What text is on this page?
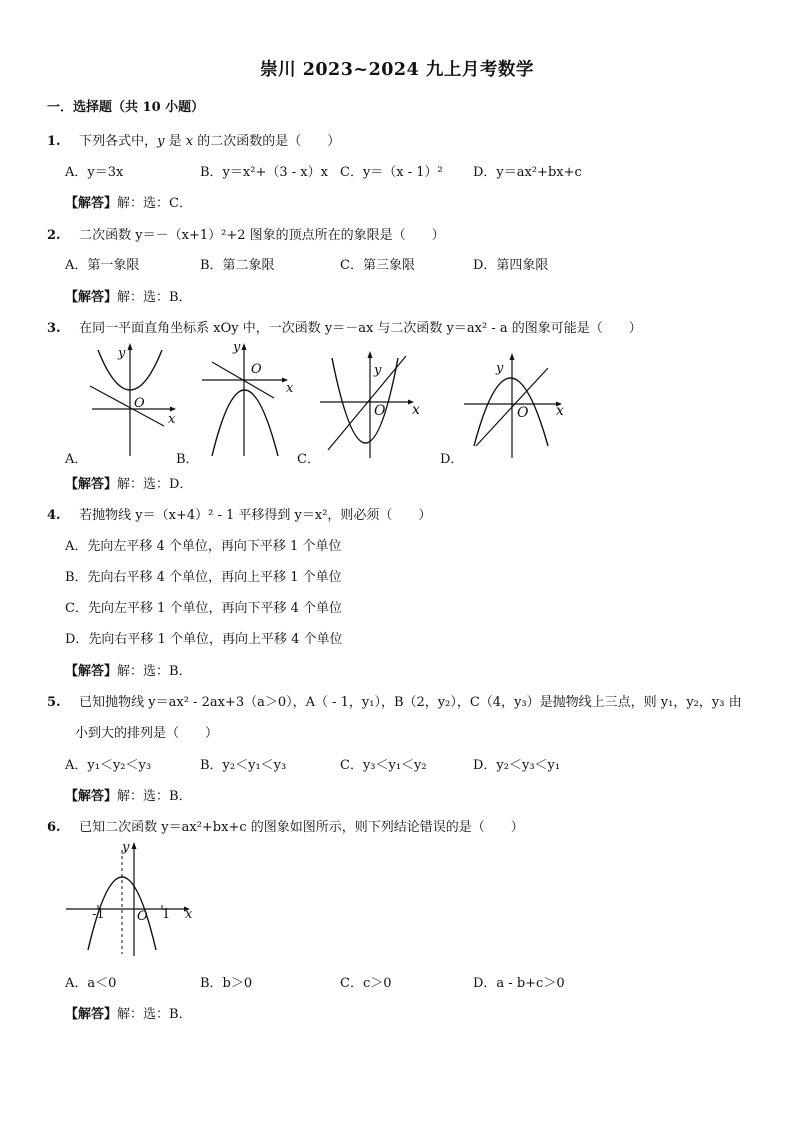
崇川 2023~2024 九上月考数学
一．选择题（共 10 小题）
1. 下列各式中，y 是 x 的二次函数的是（　　）
A．y＝3x	B．y＝x²+（3 - x）x C．y＝（x - 1）² D．y＝ax²+bx+c
【解答】解：选：C．
2. 二次函数 y＝－（x+1）²+2 图象的顶点所在的象限是（　　）
A．第一象限	B．第二象限	C．第三象限	D．第四象限
【解答】解：选：B．
3. 在同一平面直角坐标系 xOy 中，一次函数 y＝－ax 与二次函数 y＝ax² - a 的图象可能是（　　）
y
O
x
y
O
x
y
O x
y
O x
A．	B．	C．	D．
【解答】解：选：D．
4. 若抛物线 y＝（x+4）² - 1 平移得到 y＝x²，则必须（　　）
A．先向左平移 4 个单位，再向下平移 1 个单位
B．先向右平移 4 个单位，再向上平移 1 个单位
C．先向左平移 1 个单位，再向下平移 4 个单位
D．先向右平移 1 个单位，再向上平移 4 个单位
【解答】解：选：B．
5. 已知抛物线 y＝ax² - 2ax+3（a＞0），A（ - 1，y₁），B（2，y₂），C（4，y₃）是抛物线上三点，则 y₁，y₂，y₃ 由
小到大的排列是（　　）
A．y₁＜y₂＜y₃	B．y₂＜y₁＜y₃	C．y₃＜y₁＜y₂	D．y₂＜y₃＜y₁
【解答】解：选：B．
6. 已知二次函数 y＝ax²+bx+c 的图象如图所示，则下列结论错误的是（　　）
y
-1 O 1 x
A．a＜0	B．b＞0	C．c＞0	D．a - b+c＞0
【解答】解：选：B．
